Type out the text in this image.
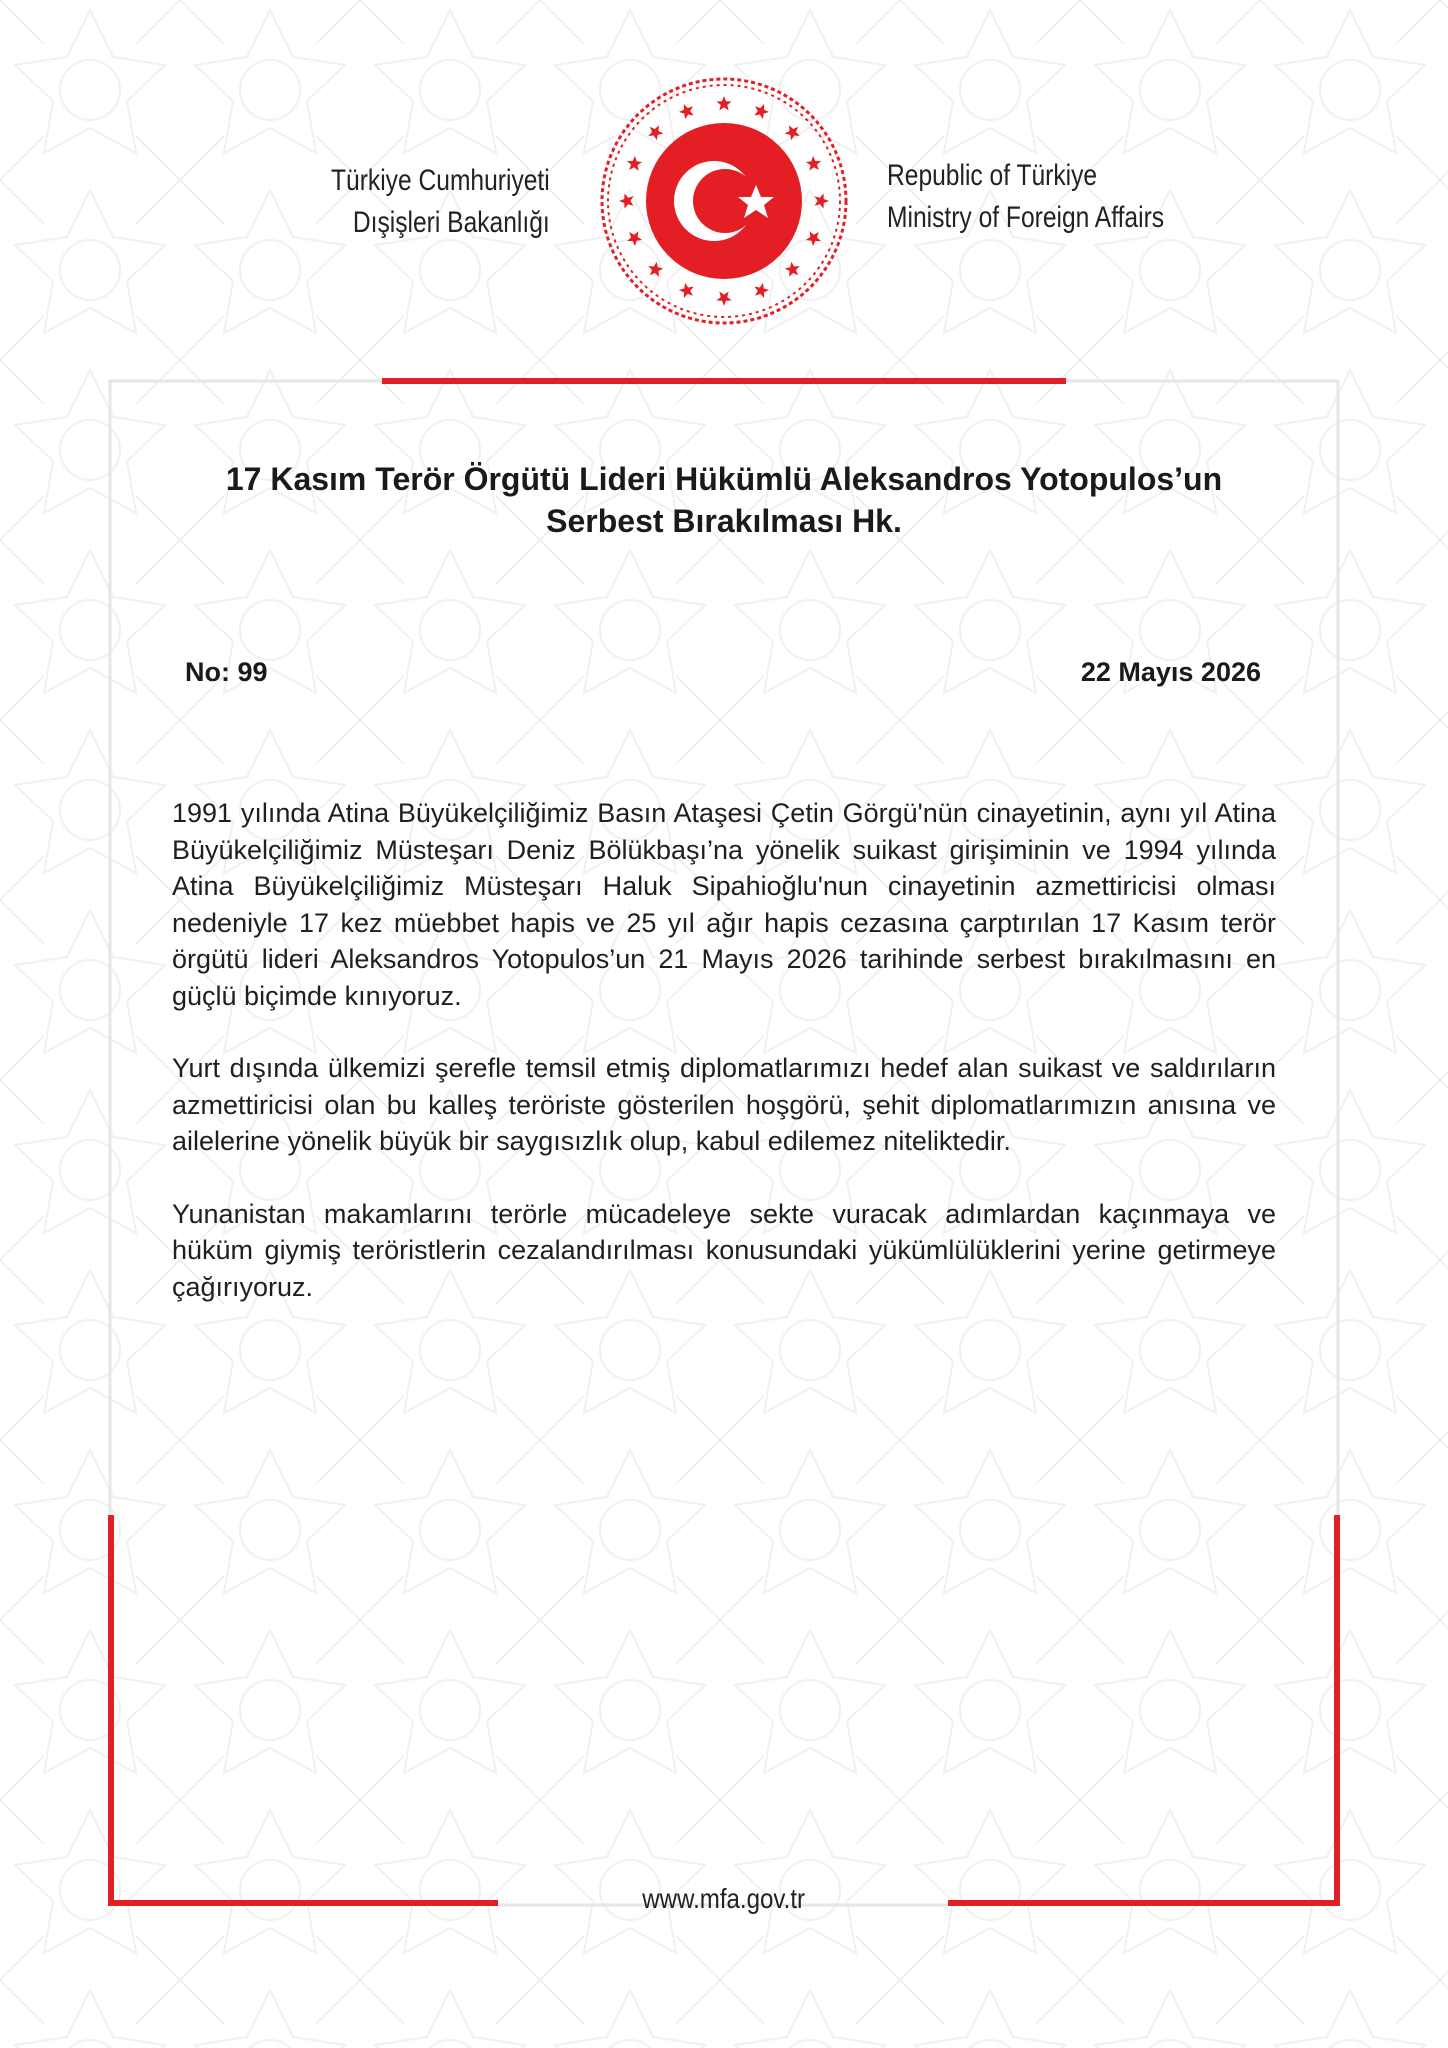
Türkiye Cumhuriyeti
Dışişleri Bakanlığı
Republic of Türkiye
Ministry of Foreign Affairs
17 Kasım Terör Örgütü Lideri Hükümlü Aleksandros Yotopulos’un
Serbest Bırakılması Hk.
No: 99	22 Mayıs 2026

1991 yılında Atina Büyükelçiliğimiz Basın Ataşesi Çetin Görgü'nün cinayetinin, aynı yıl Atina Büyükelçiliğimiz Müsteşarı Deniz Bölükbaşı’na yönelik suikast girişiminin ve 1994 yılında Atina Büyükelçiliğimiz Müsteşarı Haluk Sipahioğlu'nun cinayetinin azmettiricisi olması nedeniyle 17 kez müebbet hapis ve 25 yıl ağır hapis cezasına çarptırılan 17 Kasım terör örgütü lideri Aleksandros Yotopulos’un 21 Mayıs 2026 tarihinde serbest bırakılmasını en güçlü biçimde kınıyoruz.

Yurt dışında ülkemizi şerefle temsil etmiş diplomatlarımızı hedef alan suikast ve saldırıların azmettiricisi olan bu kalleş teröriste gösterilen hoşgörü, şehit diplomatlarımızın anısına ve ailelerine yönelik büyük bir saygısızlık olup, kabul edilemez niteliktedir.

Yunanistan makamlarını terörle mücadeleye sekte vuracak adımlardan kaçınmaya ve hüküm giymiş teröristlerin cezalandırılması konusundaki yükümlülüklerini yerine getirmeye çağırıyoruz.

www.mfa.gov.tr
